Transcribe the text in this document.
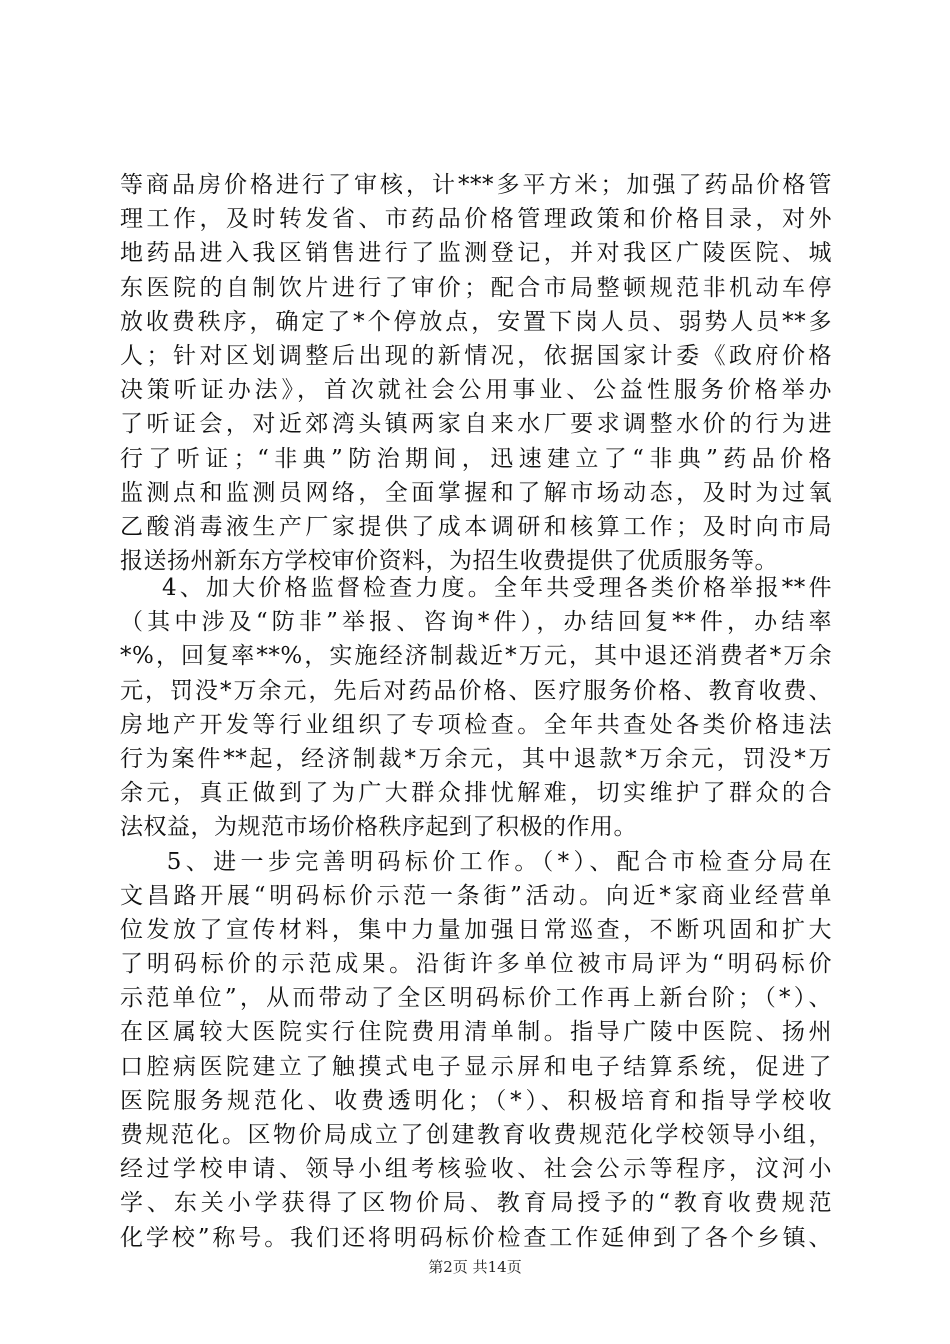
等商品房价格进行了审核，计***多平方米；加强了药品价格管
理工作，及时转发省、市药品价格管理政策和价格目录，对外
地药品进入我区销售进行了监测登记，并对我区广陵医院、城
东医院的自制饮片进行了审价；配合市局整顿规范非机动车停
放收费秩序，确定了*个停放点，安置下岗人员、弱势人员**多
人；针对区划调整后出现的新情况，依据国家计委《政府价格
决策听证办法》，首次就社会公用事业、公益性服务价格举办
了听证会，对近郊湾头镇两家自来水厂要求调整水价的行为进
行了听证；“非典”防治期间，迅速建立了“非典”药品价格
监测点和监测员网络，全面掌握和了解市场动态，及时为过氧
乙酸消毒液生产厂家提供了成本调研和核算工作；及时向市局
报送扬州新东方学校审价资料，为招生收费提供了优质服务等。
4、加大价格监督检查力度。全年共受理各类价格举报**件
（其中涉及“防非”举报、咨询*件），办结回复**件，办结率
*%，回复率**%，实施经济制裁近*万元，其中退还消费者*万余
元，罚没*万余元，先后对药品价格、医疗服务价格、教育收费、
房地产开发等行业组织了专项检查。全年共查处各类价格违法
行为案件**起，经济制裁*万余元，其中退款*万余元，罚没*万
余元，真正做到了为广大群众排忧解难，切实维护了群众的合
法权益，为规范市场价格秩序起到了积极的作用。
5、进一步完善明码标价工作。（*）、配合市检查分局在
文昌路开展“明码标价示范一条街”活动。向近*家商业经营单
位发放了宣传材料，集中力量加强日常巡查，不断巩固和扩大
了明码标价的示范成果。沿街许多单位被市局评为“明码标价
示范单位”，从而带动了全区明码标价工作再上新台阶；（*）、
在区属较大医院实行住院费用清单制。指导广陵中医院、扬州
口腔病医院建立了触摸式电子显示屏和电子结算系统，促进了
医院服务规范化、收费透明化；（*）、积极培育和指导学校收
费规范化。区物价局成立了创建教育收费规范化学校领导小组，
经过学校申请、领导小组考核验收、社会公示等程序，汶河小
学、东关小学获得了区物价局、教育局授予的“教育收费规范
化学校”称号。我们还将明码标价检查工作延伸到了各个乡镇、
第2页 共14页
